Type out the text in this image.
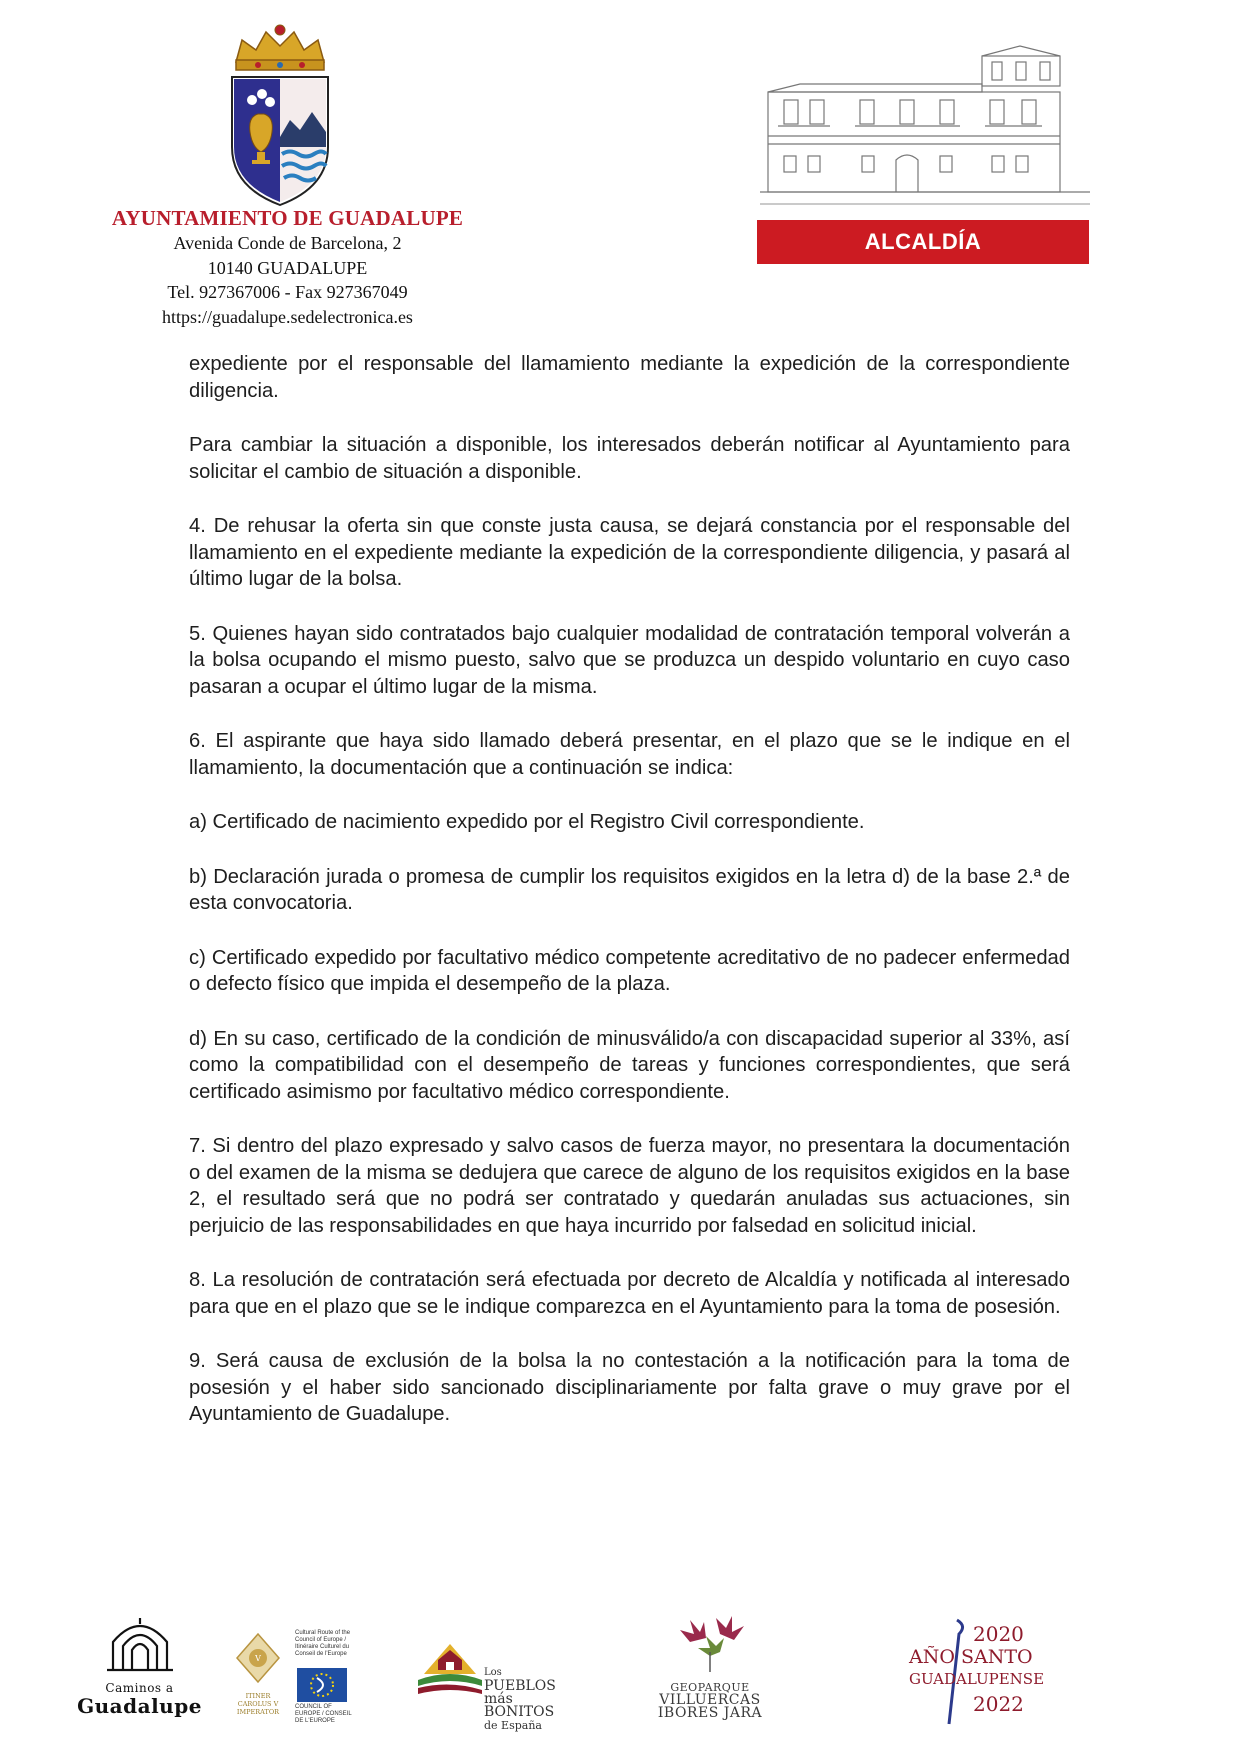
AYUNTAMIENTO DE GUADALUPE
Avenida Conde de Barcelona, 2
10140 GUADALUPE
Tel. 927367006 - Fax 927367049
https://guadalupe.sedelectronica.es
ALCALDÍA

expediente por el responsable del llamamiento mediante la expedición de la correspondiente diligencia.

Para cambiar la situación a disponible, los interesados deberán notificar al Ayuntamiento para solicitar el cambio de situación a disponible.

4. De rehusar la oferta sin que conste justa causa, se dejará constancia por el responsable del llamamiento en el expediente mediante la expedición de la correspondiente diligencia, y pasará al último lugar de la bolsa.

5. Quienes hayan sido contratados bajo cualquier modalidad de contratación temporal volverán a la bolsa ocupando el mismo puesto, salvo que se produzca un despido voluntario en cuyo caso pasaran a ocupar el último lugar de la misma.

6. El aspirante que haya sido llamado deberá presentar, en el plazo que se le indique en el llamamiento, la documentación que a continuación se indica:

a) Certificado de nacimiento expedido por el Registro Civil correspondiente.

b) Declaración jurada o promesa de cumplir los requisitos exigidos en la letra d) de la base 2.ª de esta convocatoria.

c) Certificado expedido por facultativo médico competente acreditativo de no padecer enfermedad o defecto físico que impida el desempeño de la plaza.

d) En su caso, certificado de la condición de minusválido/a con discapacidad superior al 33%, así como la compatibilidad con el desempeño de tareas y funciones correspondientes, que será certificado asimismo por facultativo médico correspondiente.

7. Si dentro del plazo expresado y salvo casos de fuerza mayor, no presentara la documentación o del examen de la misma se dedujera que carece de alguno de los requisitos exigidos en la base 2, el resultado será que no podrá ser contratado y quedarán anuladas sus actuaciones, sin perjuicio de las responsabilidades en que haya incurrido por falsedad en solicitud inicial.

8. La resolución de contratación será efectuada por decreto de Alcaldía y notificada al interesado para que en el plazo que se le indique comparezca en el Ayuntamiento para la toma de posesión.

9. Será causa de exclusión de la bolsa la no contestación a la notificación para la toma de posesión y el haber sido sancionado disciplinariamente por falta grave o muy grave por el Ayuntamiento de Guadalupe.

Caminos a
Guadalupe
V
ITINER CAROLUS V IMPERATOR
Cultural Route of the Council of Europe / Itinéraire Culturel du Conseil de l'Europe
COUNCIL OF EUROPE / CONSEIL DE L'EUROPE
Los PUEBLOS más BONITOS
de España
GEOPARQUE
VILLUERCAS
IBORES JARA
2020
AÑO SANTO
GUADALUPENSE
2022
